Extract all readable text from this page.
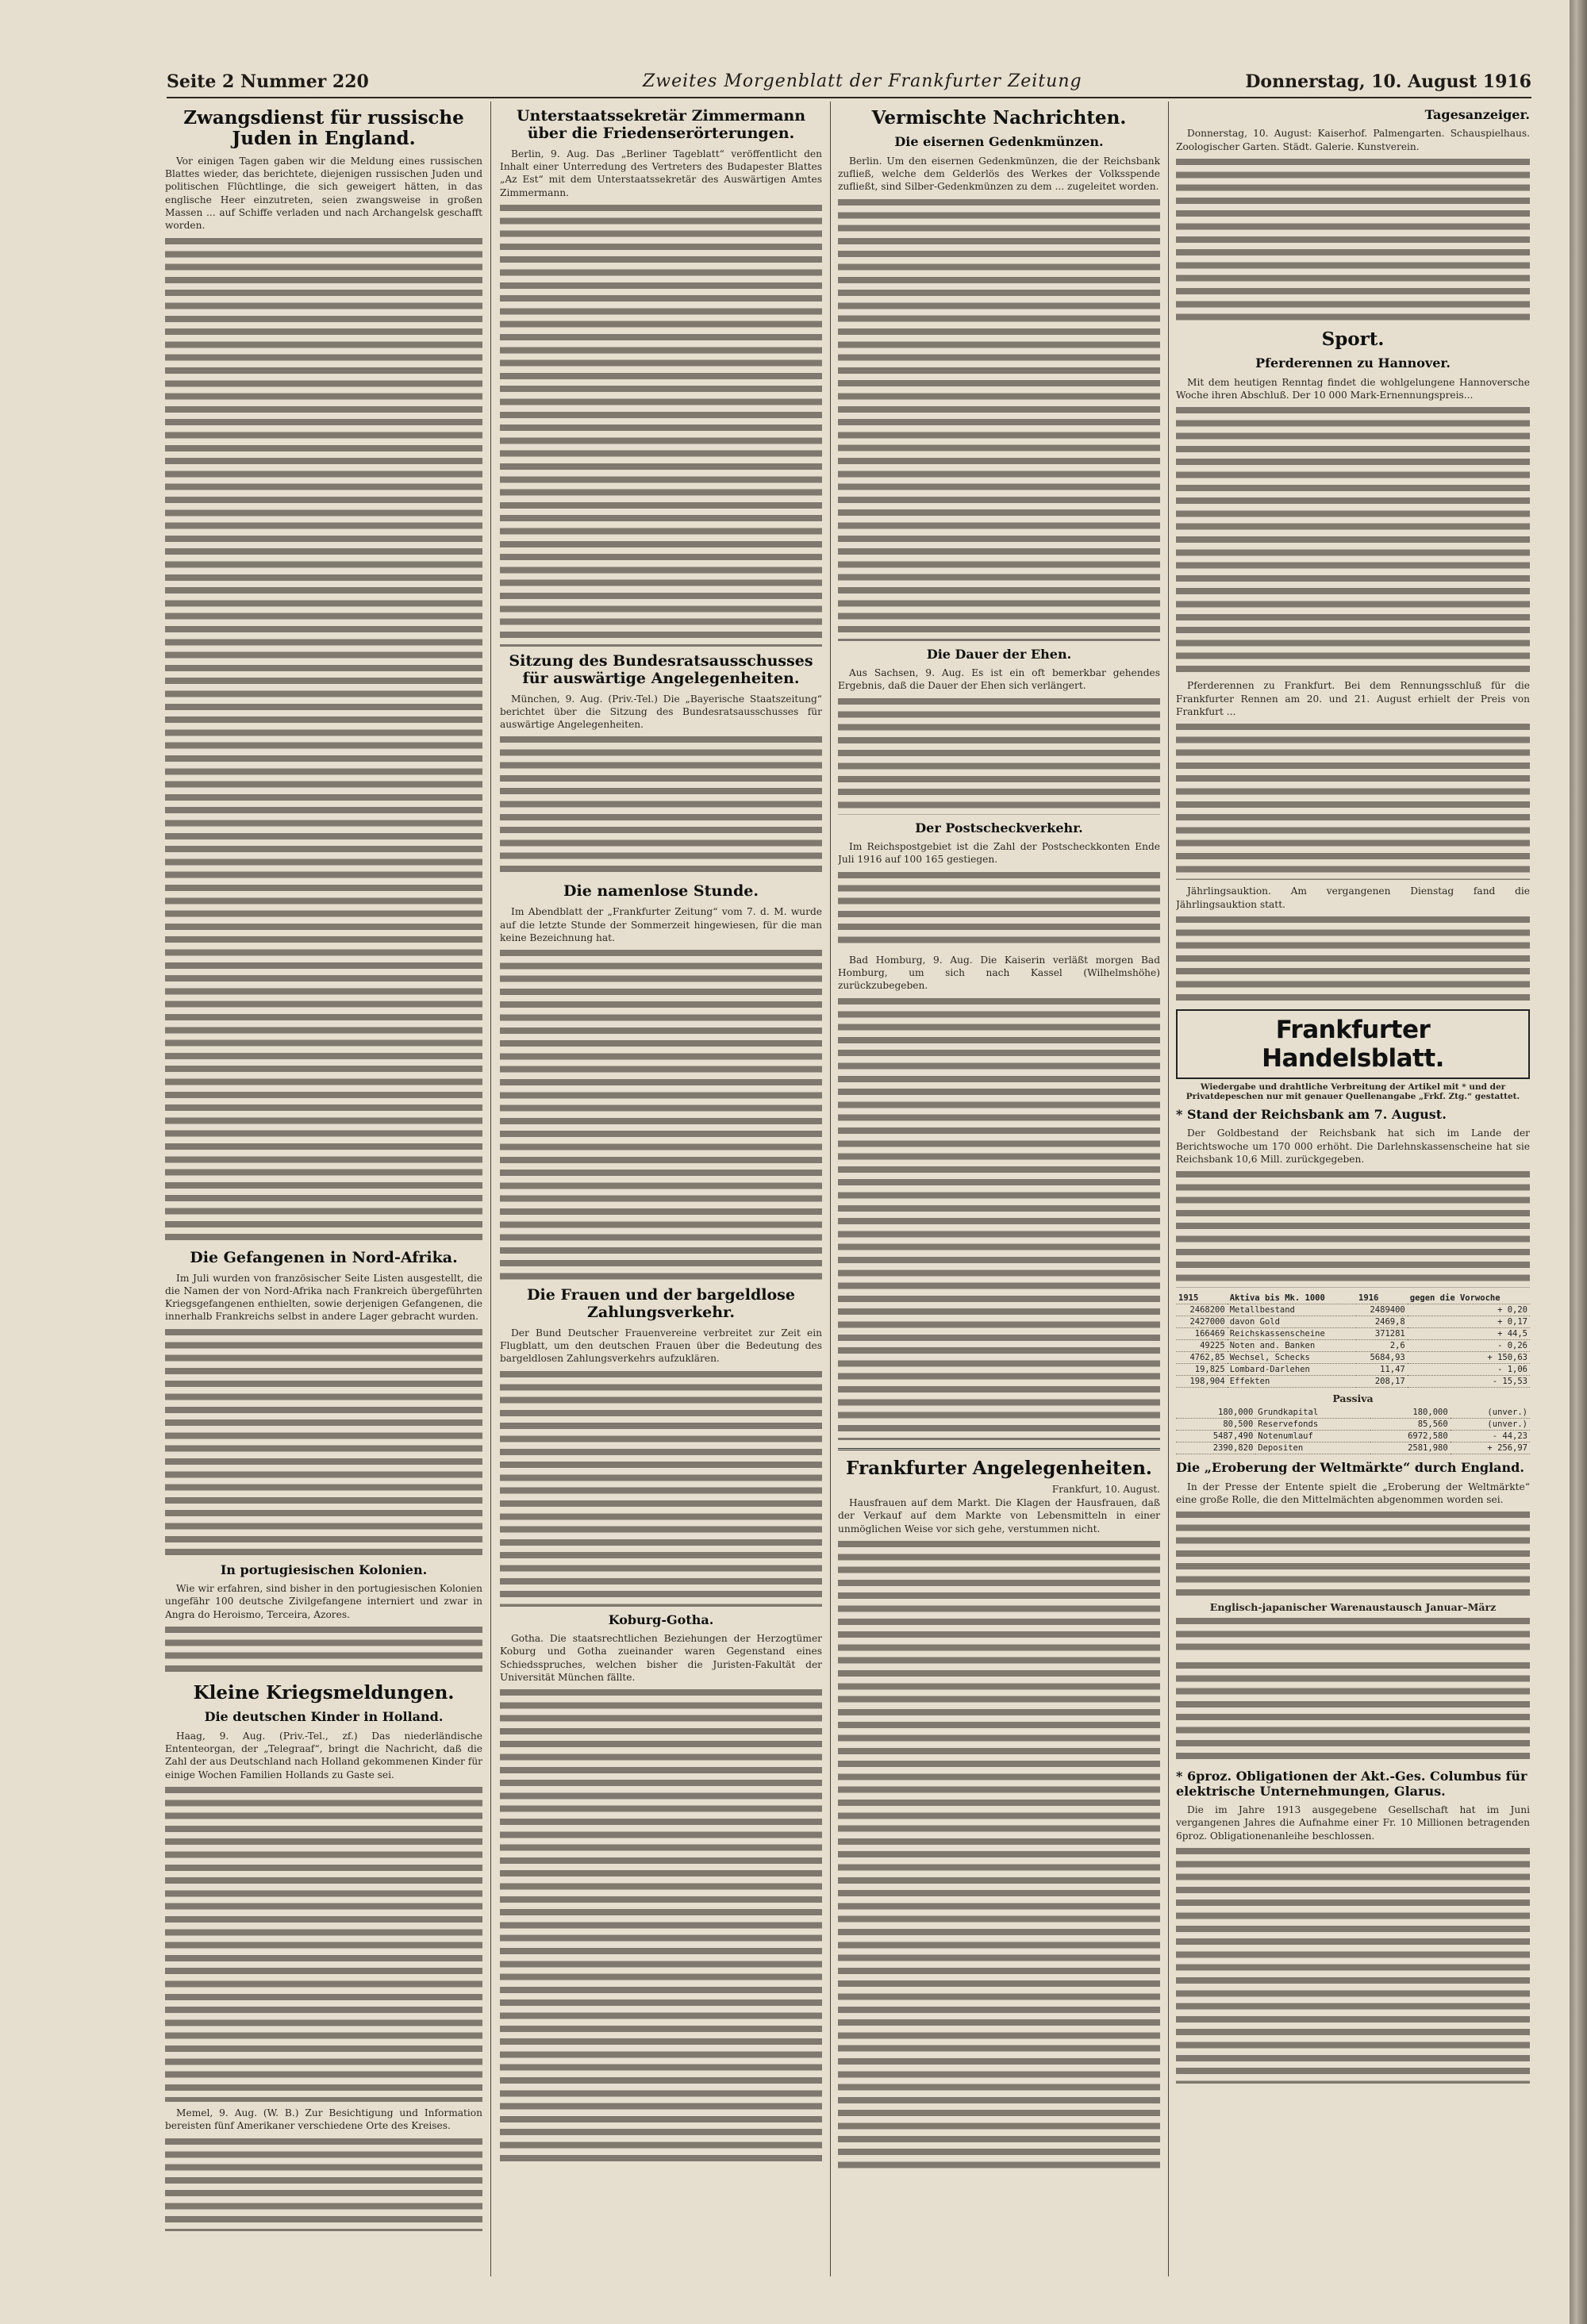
Seite 2 Nummer 220	Zweites Morgenblatt der Frankfurter Zeitung	Donnerstag, 10. August 1916
Zwangsdienst für russische Juden in England.

Vor einigen Tagen gaben wir die Meldung eines russischen Blattes wieder, das berichtete, diejenigen russischen Juden und politischen Flüchtlinge, die sich geweigert hätten, in das englische Heer einzutreten, seien zwangsweise in großen Massen ... auf Schiffe verladen und nach Archangelsk geschafft worden.

Die Gefangenen in Nord-Afrika.

Im Juli wurden von französischer Seite Listen ausgestellt, die die Namen der von Nord-Afrika nach Frankreich übergeführten Kriegsgefangenen enthielten, sowie derjenigen Gefangenen, die innerhalb Frankreichs selbst in andere Lager gebracht wurden.

In portugiesischen Kolonien.

Wie wir erfahren, sind bisher in den portugiesischen Kolonien ungefähr 100 deutsche Zivilgefangene interniert und zwar in Angra do Heroismo, Terceira, Azores.

Kleine Kriegsmeldungen.
Die deutschen Kinder in Holland.

Haag, 9. Aug. (Priv.-Tel., zf.) Das niederländische Ententeorgan, der „Telegraaf“, bringt die Nachricht, daß die Zahl der aus Deutschland nach Holland gekommenen Kinder für einige Wochen Familien Hollands zu Gaste sei.

Memel, 9. Aug. (W. B.) Zur Besichtigung und Information bereisten fünf Amerikaner verschiedene Orte des Kreises.

Unterstaatssekretär Zimmermann über die Friedenserörterungen.

Berlin, 9. Aug. Das „Berliner Tageblatt“ veröffentlicht den Inhalt einer Unterredung des Vertreters des Budapester Blattes „Az Est“ mit dem Unterstaatssekretär des Auswärtigen Amtes Zimmermann.

Sitzung des Bundesratsausschusses für auswärtige Angelegenheiten.

München, 9. Aug. (Priv.-Tel.) Die „Bayerische Staatszeitung“ berichtet über die Sitzung des Bundesratsausschusses für auswärtige Angelegenheiten.

Die namenlose Stunde.

Im Abendblatt der „Frankfurter Zeitung“ vom 7. d. M. wurde auf die letzte Stunde der Sommerzeit hingewiesen, für die man keine Bezeichnung hat.

Die Frauen und der bargeldlose Zahlungsverkehr.

Der Bund Deutscher Frauenvereine verbreitet zur Zeit ein Flugblatt, um den deutschen Frauen über die Bedeutung des bargeldlosen Zahlungsverkehrs aufzuklären.

Koburg-Gotha.

Gotha. Die staatsrechtlichen Beziehungen der Herzogtümer Koburg und Gotha zueinander waren Gegenstand eines Schiedsspruches, welchen bisher die Juristen-Fakultät der Universität München fällte.

Vermischte Nachrichten.
Die eisernen Gedenkmünzen.

Berlin. Um den eisernen Gedenkmünzen, die der Reichsbank zufließ, welche dem Gelderlös des Werkes der Volksspende zufließt, sind Silber-Gedenkmünzen zu dem ... zugeleitet worden.

Die Dauer der Ehen.

Aus Sachsen, 9. Aug. Es ist ein oft bemerkbar gehendes Ergebnis, daß die Dauer der Ehen sich verlängert.

Der Postscheckverkehr.

Im Reichspostgebiet ist die Zahl der Postscheckkonten Ende Juli 1916 auf 100 165 gestiegen.

Bad Homburg, 9. Aug. Die Kaiserin verläßt morgen Bad Homburg, um sich nach Kassel (Wilhelmshöhe) zurückzubegeben.

Frankfurter Angelegenheiten.
Frankfurt, 10. August.

Hausfrauen auf dem Markt. Die Klagen der Hausfrauen, daß der Verkauf auf dem Markte von Lebensmitteln in einer unmöglichen Weise vor sich gehe, verstummen nicht.

Tagesanzeiger.

Donnerstag, 10. August: Kaiserhof. Palmengarten. Schauspielhaus. Zoologischer Garten. Städt. Galerie. Kunstverein.

Sport.
Pferderennen zu Hannover.

Mit dem heutigen Renntag findet die wohlgelungene Hannoversche Woche ihren Abschluß. Der 10 000 Mark-Ernennungspreis...

Pferderennen zu Frankfurt. Bei dem Rennungsschluß für die Frankfurter Rennen am 20. und 21. August erhielt der Preis von Frankfurt ...

Jährlingsauktion. Am vergangenen Dienstag fand die Jährlingsauktion statt.

Frankfurter Handelsblatt.
Wiedergabe und drahtliche Verbreitung der Artikel mit * und der Privatdepeschen nur mit genauer Quellenangabe „Frkf. Ztg.“ gestattet.
* Stand der Reichsbank am 7. August.

Der Goldbestand der Reichsbank hat sich im Lande der Berichtswoche um 170 000 erhöht. Die Darlehnskassenscheine hat sie Reichsbank 10,6 Mill. zurückgegeben.

1915	Aktiva bis Mk. 1000	1916	gegen die Vorwoche
2468200	Metallbestand	2489400	+ 0,20
2427000	davon Gold	2469,8	+ 0,17
166469	Reichskassenscheine	371281	+ 44,5
49225	Noten and. Banken	2,6	- 0,26
4762,85	Wechsel, Schecks	5684,93	+ 150,63
19,825	Lombard-Darlehen	11,47	- 1,06
198,904	Effekten	208,17	- 15,53
Passiva
180,000	Grundkapital	180,000	(unver.)
80,500	Reservefonds	85,560	(unver.)
5487,490	Notenumlauf	6972,580	- 44,23
2390,820	Depositen	2581,980	+ 256,97
Die „Eroberung der Weltmärkte“ durch England.

In der Presse der Entente spielt die „Eroberung der Weltmärkte“ eine große Rolle, die den Mittelmächten abgenommen worden sei.

Englisch-japanischer Warenaustausch Januar–März
* 6proz. Obligationen der Akt.-Ges. Columbus für elektrische Unternehmungen, Glarus.

Die im Jahre 1913 ausgegebene Gesellschaft hat im Juni vergangenen Jahres die Aufnahme einer Fr. 10 Millionen betragenden 6proz. Obligationenanleihe beschlossen.
